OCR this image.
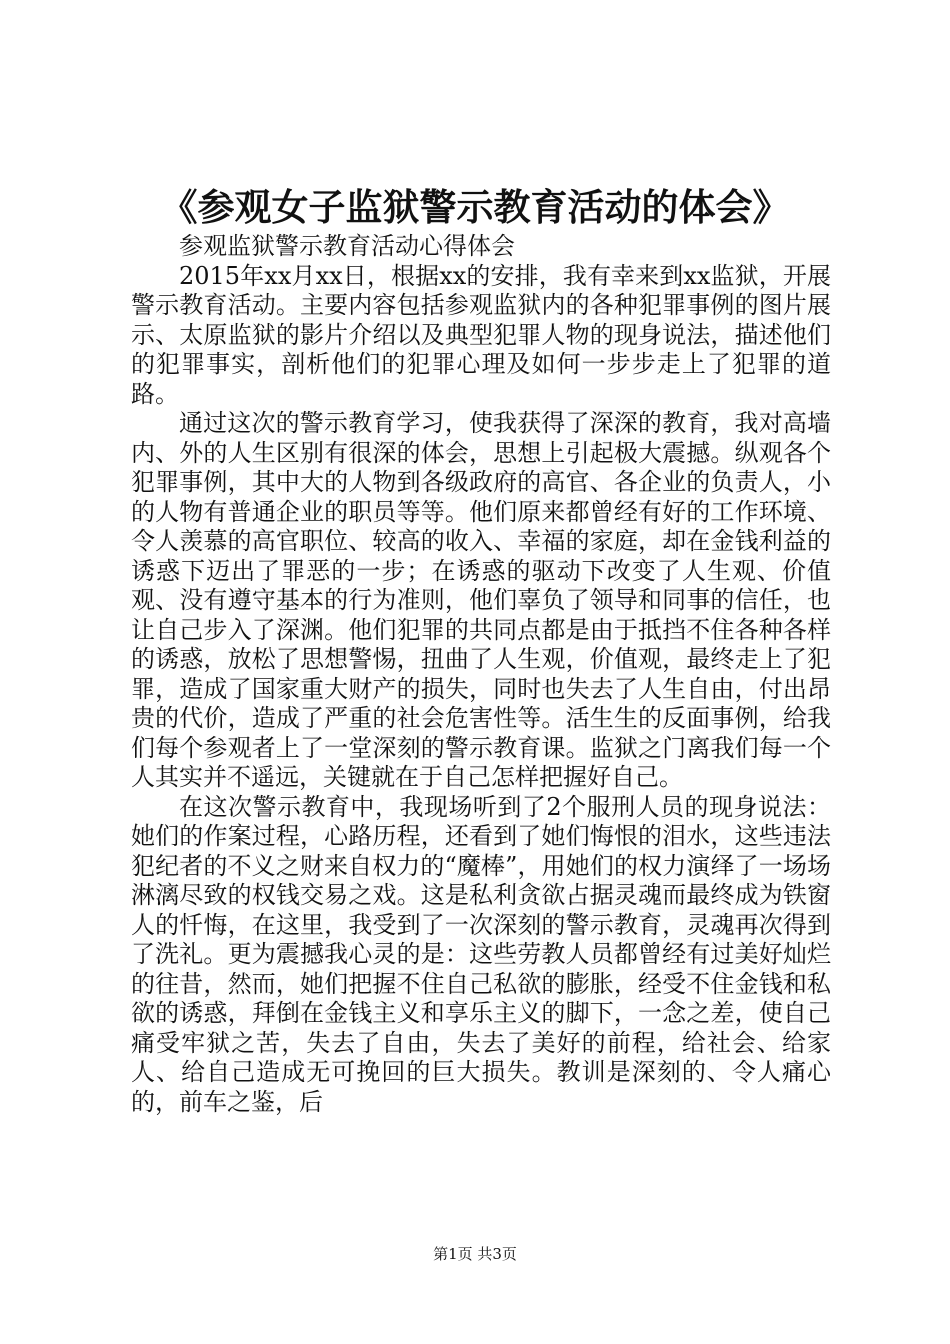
《参观女子监狱警示教育活动的体会》

参观监狱警示教育活动心得体会

2015年xx月xx日，根据xx的安排，我有幸来到xx监狱，开展警示教育活动。主要内容包括参观监狱内的各种犯罪事例的图片展示、太原监狱的影片介绍以及典型犯罪人物的现身说法，描述他们的犯罪事实，剖析他们的犯罪心理及如何一步步走上了犯罪的道路。

通过这次的警示教育学习，使我获得了深深的教育，我对高墙内、外的人生区别有很深的体会，思想上引起极大震撼。纵观各个犯罪事例，其中大的人物到各级政府的高官、各企业的负责人，小的人物有普通企业的职员等等。他们原来都曾经有好的工作环境、令人羡慕的高官职位、较高的收入、幸福的家庭，却在金钱利益的诱惑下迈出了罪恶的一步；在诱惑的驱动下改变了人生观、价值观、没有遵守基本的行为准则，他们辜负了领导和同事的信任，也让自己步入了深渊。他们犯罪的共同点都是由于抵挡不住各种各样的诱惑，放松了思想警惕，扭曲了人生观，价值观，最终走上了犯罪，造成了国家重大财产的损失，同时也失去了人生自由，付出昂贵的代价，造成了严重的社会危害性等。活生生的反面事例，给我们每个参观者上了一堂深刻的警示教育课。监狱之门离我们每一个人其实并不遥远，关键就在于自己怎样把握好自己。

在这次警示教育中，我现场听到了2个服刑人员的现身说法：她们的作案过程，心路历程，还看到了她们悔恨的泪水，这些违法犯纪者的不义之财来自权力的“魔棒”，用她们的权力演绎了一场场淋漓尽致的权钱交易之戏。这是私利贪欲占据灵魂而最终成为铁窗人的忏悔，在这里，我受到了一次深刻的警示教育，灵魂再次得到了洗礼。更为震撼我心灵的是：这些劳教人员都曾经有过美好灿烂的往昔，然而，她们把握不住自己私欲的膨胀，经受不住金钱和私欲的诱惑，拜倒在金钱主义和享乐主义的脚下，一念之差，使自己痛受牢狱之苦，失去了自由，失去了美好的前程，给社会、给家人、给自己造成无可挽回的巨大损失。教训是深刻的、令人痛心的，前车之鉴，后

第1页 共3页
